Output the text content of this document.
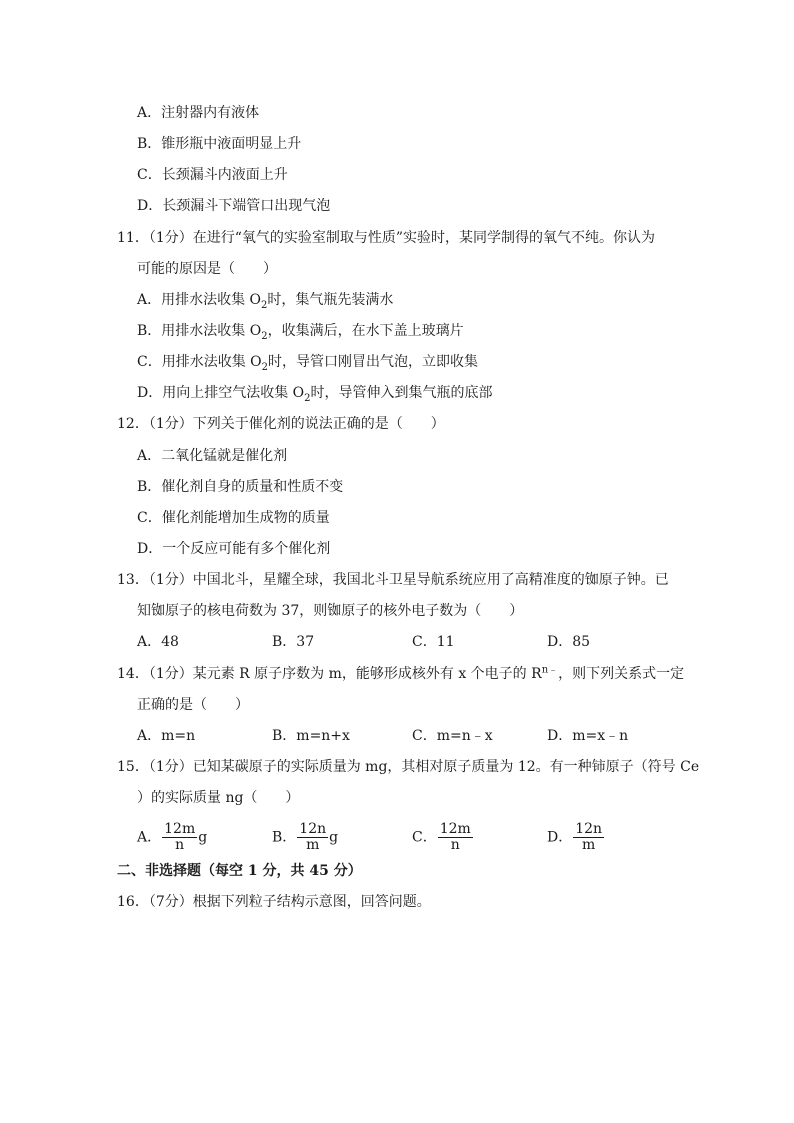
A．注射器内有液体
B．锥形瓶中液面明显上升
C．长颈漏斗内液面上升
D．长颈漏斗下端管口出现气泡
11．（1分）在进行“氧气的实验室制取与性质”实验时，某同学制得的氧气不纯。你认为
可能的原因是（　　）
A．用排水法收集 $O_2$时，集气瓶先装满水
B．用排水法收集 $O_2$，收集满后，在水下盖上玻璃片
C．用排水法收集 $O_2$时，导管口刚冒出气泡，立即收集
D．用向上排空气法收集 $O_2$时，导管伸入到集气瓶的底部
12．（1分）下列关于催化剂的说法正确的是（　　）
A．二氧化锰就是催化剂
B．催化剂自身的质量和性质不变
C．催化剂能增加生成物的质量
D．一个反应可能有多个催化剂
13．（1分）中国北斗，星耀全球，我国北斗卫星导航系统应用了高精准度的铷原子钟。已
知铷原子的核电荷数为 37，则铷原子的核外电子数为（　　）
A．48	B．37	C．11	D．85
14．（1分）某元素 R 原子序数为 m，能够形成核外有 x 个电子的 $R^{n﹣}$，则下列关系式一定
正确的是（　　）
A．m=n	B．m=n+x	C．m=n﹣x	D．m=x﹣n
15．（1分）已知某碳原子的实际质量为 mg，其相对原子质量为 12。有一种铈原子（符号 Ce
）的实际质量 ng（　　）
A． $\frac{12m}{n}$ g	B． $\frac{12n}{m}$ g	C． $\frac{12m}{n}$	D． $\frac{12n}{m}$
二、非选择题（每空 1 分，共 45 分）
16．（7分）根据下列粒子结构示意图，回答问题。
